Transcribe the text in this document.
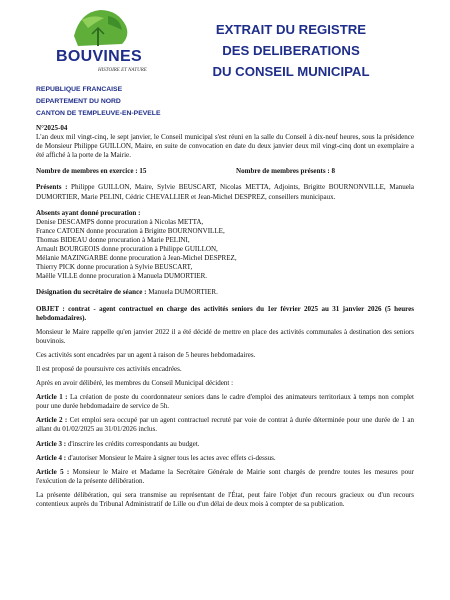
BOUVINES
HISTOIRE ET NATURE
EXTRAIT DU REGISTRE
DES DELIBERATIONS
DU CONSEIL MUNICIPAL
REPUBLIQUE FRANCAISE
DEPARTEMENT DU NORD
CANTON DE TEMPLEUVE-EN-PEVELE

N°2025-04

L'an deux mil vingt-cinq, le sept janvier, le Conseil municipal s'est réuni en la salle du Conseil à dix-neuf heures, sous la présidence de Monsieur Philippe GUILLON, Maire, en suite de convocation en date du deux janvier deux mil vingt-cinq dont un exemplaire a été affiché à la porte de la Mairie.

Nombre de membres en exercice : 15	Nombre de membres présents : 8

Présents : Philippe GUILLON, Maire, Sylvie BEUSCART, Nicolas METTA, Adjoints, Brigitte BOURNONVILLE, Manuela DUMORTIER, Marie PELINI, Cédric CHEVALLIER et Jean-Michel DESPREZ, conseillers municipaux.

Absents ayant donné procuration :

Denise DESCAMPS donne procuration à Nicolas METTA,

France CATOEN donne procuration à Brigitte BOURNONVILLE,

Thomas BIDEAU donne procuration à Marie PELINI,

Arnault BOURGEOIS donne procuration à Philippe GUILLON,

Mélanie MAZINGARBE donne procuration à Jean-Michel DESPREZ,

Thierry PICK donne procuration à Sylvie BEUSCART,

Maëlle VILLE donne procuration à Manuela DUMORTIER.

Désignation du secrétaire de séance : Manuela DUMORTIER.

OBJET : contrat - agent contractuel en charge des activités seniors du 1er février 2025 au 31 janvier 2026 (5 heures hebdomadaires).

Monsieur le Maire rappelle qu'en janvier 2022 il a été décidé de mettre en place des activités communales à destination des seniors bouvinois.

Ces activités sont encadrées par un agent à raison de 5 heures hebdomadaires.

Il est proposé de poursuivre ces activités encadrées.

Après en avoir délibéré, les membres du Conseil Municipal décident :

Article 1 : La création de poste du coordonnateur seniors dans le cadre d'emploi des animateurs territoriaux à temps non complet pour une durée hebdomadaire de service de 5h.

Article 2 : Cet emploi sera occupé par un agent contractuel recruté par voie de contrat à durée déterminée pour une durée de 1 an allant du 01/02/2025 au 31/01/2026 inclus.

Article 3 : d'inscrire les crédits correspondants au budget.

Article 4 : d'autoriser Monsieur le Maire à signer tous les actes avec effets ci-dessus.

Article 5 : Monsieur le Maire et Madame la Secrétaire Générale de Mairie sont chargés de prendre toutes les mesures pour l'exécution de la présente délibération.

La présente délibération, qui sera transmise au représentant de l'État, peut faire l'objet d'un recours gracieux ou d'un recours contentieux auprès du Tribunal Administratif de Lille ou d'un délai de deux mois à compter de sa publication.
